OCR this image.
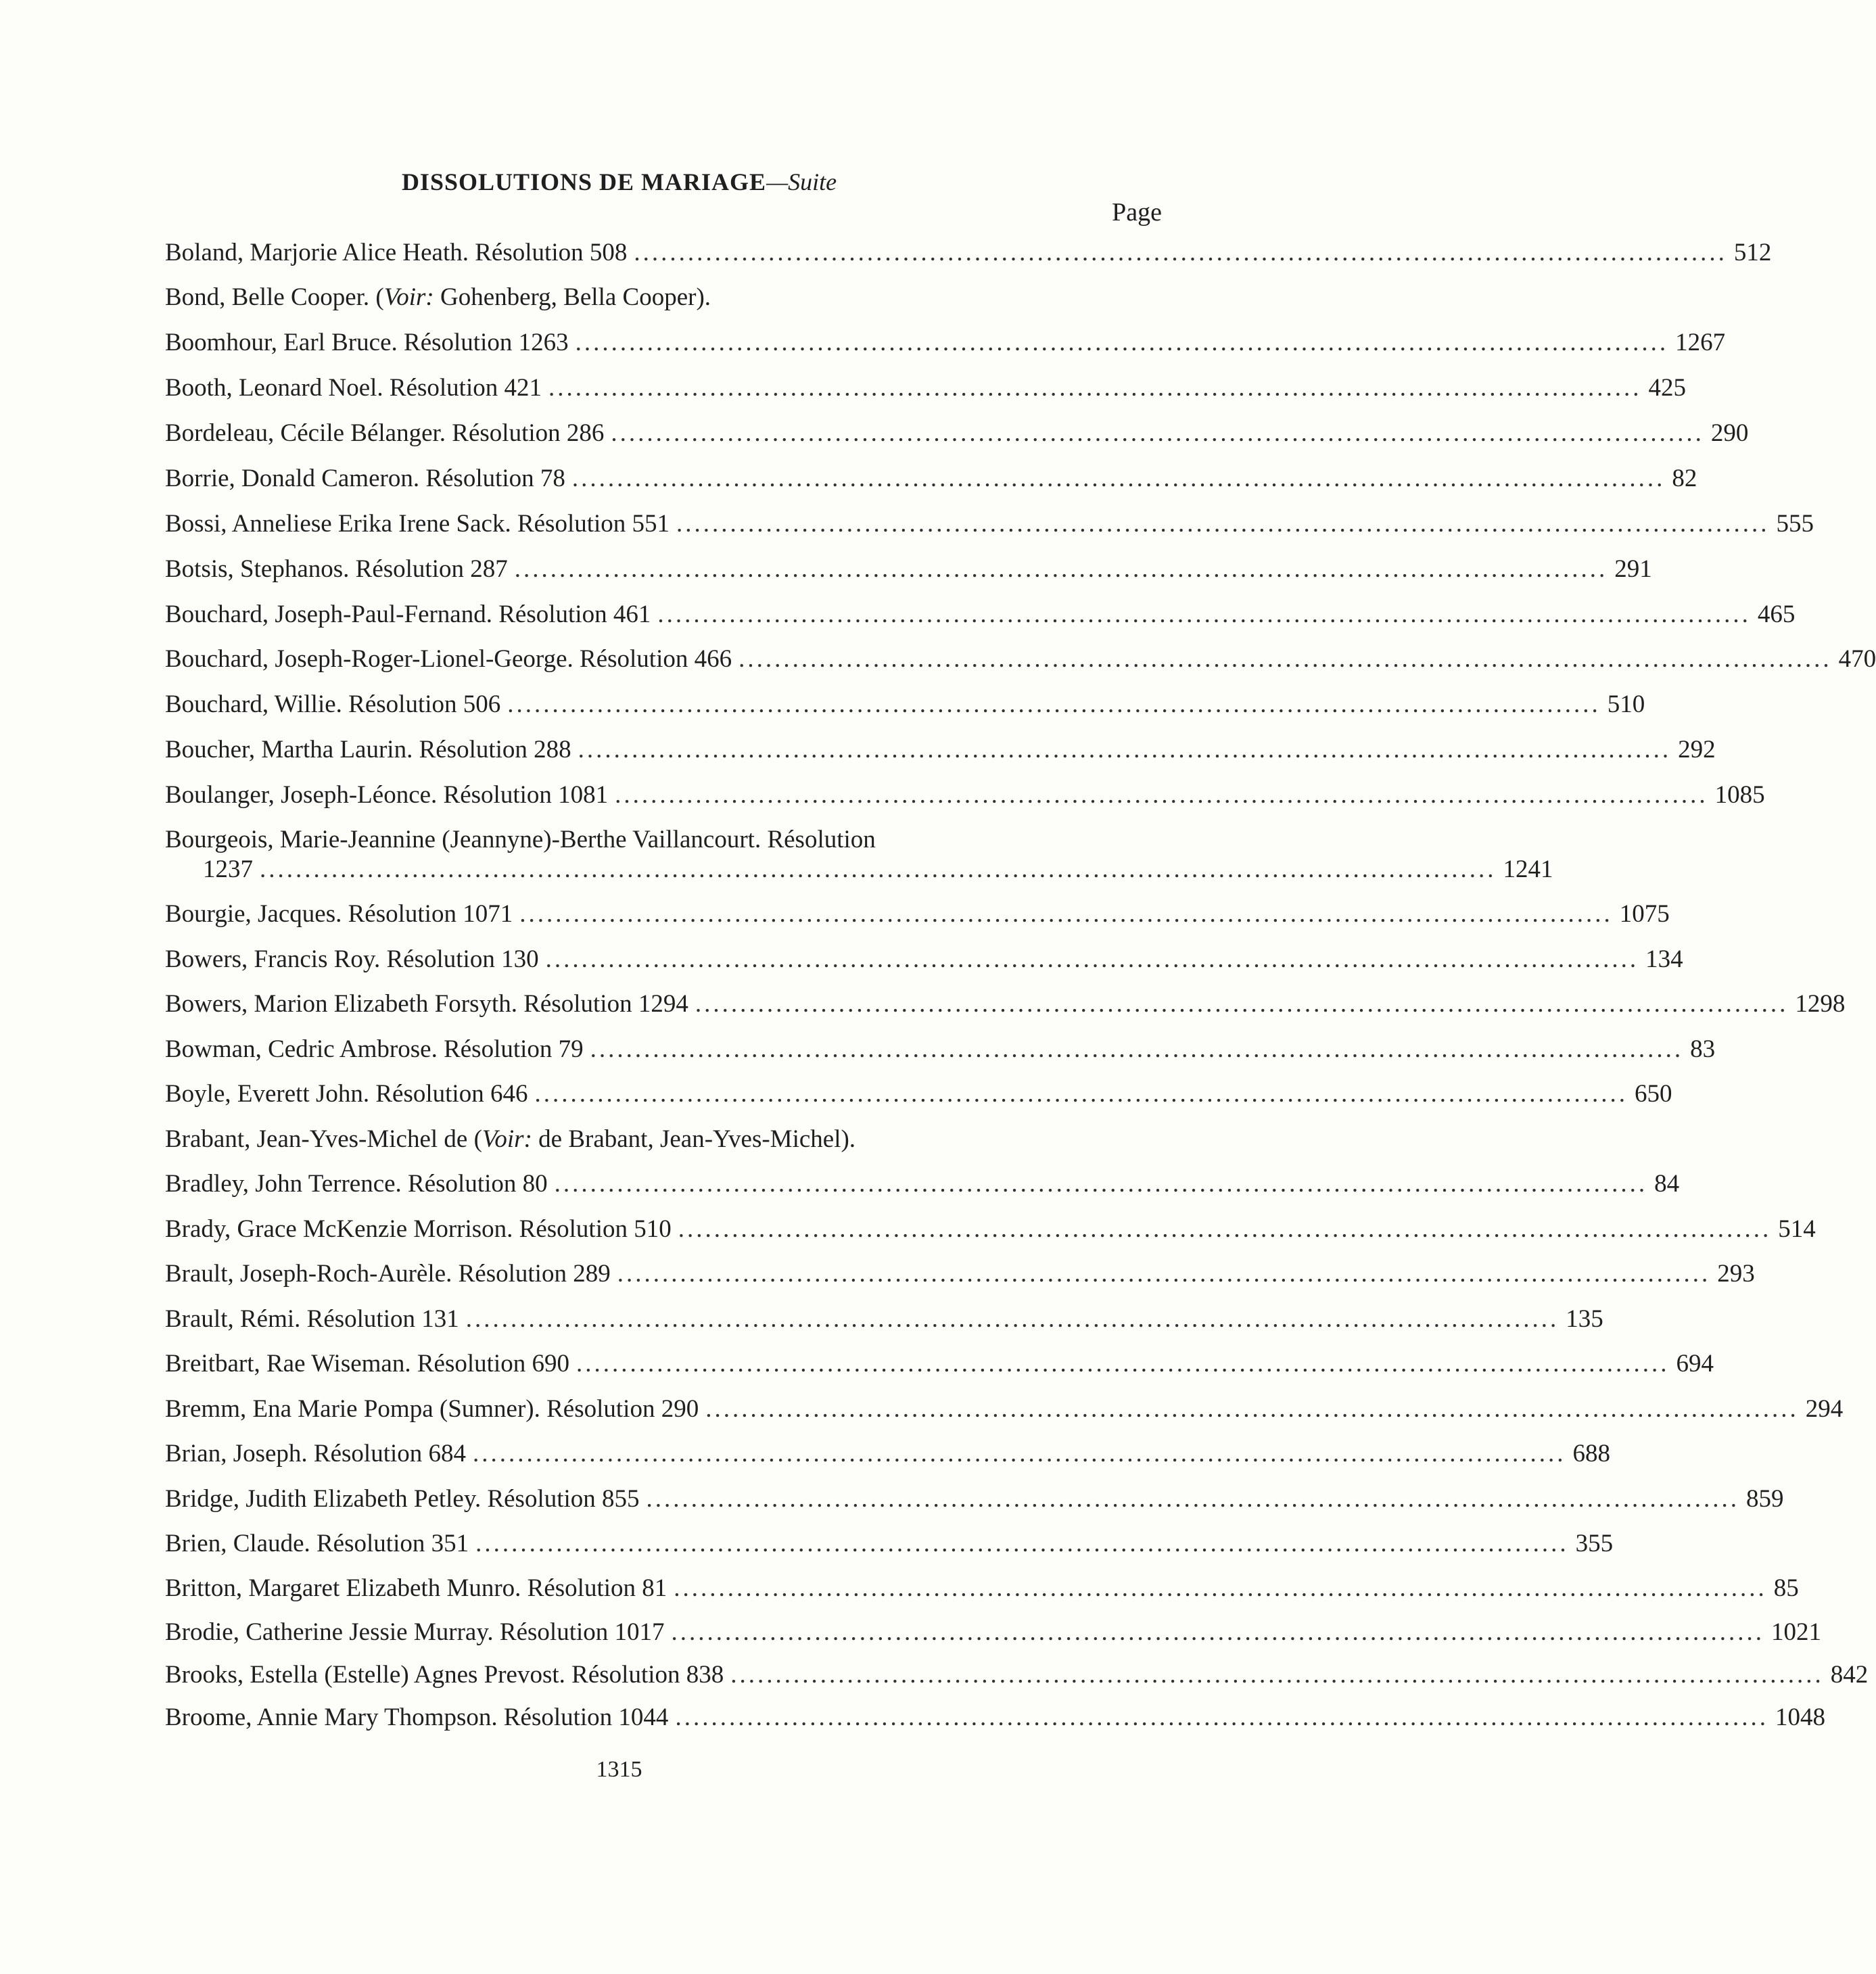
DISSOLUTIONS DE MARIAGE—Suite
Page
Boland, Marjorie Alice Heath. Résolution 508 .......................................................................................................................... 512
Bond, Belle Cooper. (Voir: Gohenberg, Bella Cooper).
Boomhour, Earl Bruce. Résolution 1263 .......................................................................................................................... 1267
Booth, Leonard Noel. Résolution 421 .......................................................................................................................... 425
Bordeleau, Cécile Bélanger. Résolution 286 .......................................................................................................................... 290
Borrie, Donald Cameron. Résolution 78 .......................................................................................................................... 82
Bossi, Anneliese Erika Irene Sack. Résolution 551 .......................................................................................................................... 555
Botsis, Stephanos. Résolution 287 .......................................................................................................................... 291
Bouchard, Joseph-Paul-Fernand. Résolution 461 .......................................................................................................................... 465
Bouchard, Joseph-Roger-Lionel-George. Résolution 466 .......................................................................................................................... 470
Bouchard, Willie. Résolution 506 .......................................................................................................................... 510
Boucher, Martha Laurin. Résolution 288 .......................................................................................................................... 292
Boulanger, Joseph-Léonce. Résolution 1081 .......................................................................................................................... 1085
Bourgeois, Marie-Jeannine (Jeannyne)-Berthe Vaillancourt. Résolution
1237 .......................................................................................................................................... 1241
Bourgie, Jacques. Résolution 1071 .......................................................................................................................... 1075
Bowers, Francis Roy. Résolution 130 .......................................................................................................................... 134
Bowers, Marion Elizabeth Forsyth. Résolution 1294 .......................................................................................................................... 1298
Bowman, Cedric Ambrose. Résolution 79 .......................................................................................................................... 83
Boyle, Everett John. Résolution 646 .......................................................................................................................... 650
Brabant, Jean-Yves-Michel de (Voir: de Brabant, Jean-Yves-Michel).
Bradley, John Terrence. Résolution 80 .......................................................................................................................... 84
Brady, Grace McKenzie Morrison. Résolution 510 .......................................................................................................................... 514
Brault, Joseph-Roch-Aurèle. Résolution 289 .......................................................................................................................... 293
Brault, Rémi. Résolution 131 .......................................................................................................................... 135
Breitbart, Rae Wiseman. Résolution 690 .......................................................................................................................... 694
Bremm, Ena Marie Pompa (Sumner). Résolution 290 .......................................................................................................................... 294
Brian, Joseph. Résolution 684 .......................................................................................................................... 688
Bridge, Judith Elizabeth Petley. Résolution 855 .......................................................................................................................... 859
Brien, Claude. Résolution 351 .......................................................................................................................... 355
Britton, Margaret Elizabeth Munro. Résolution 81 .......................................................................................................................... 85
Brodie, Catherine Jessie Murray. Résolution 1017 .......................................................................................................................... 1021
Brooks, Estella (Estelle) Agnes Prevost. Résolution 838 .......................................................................................................................... 842
Broome, Annie Mary Thompson. Résolution 1044 .......................................................................................................................... 1048
1315
